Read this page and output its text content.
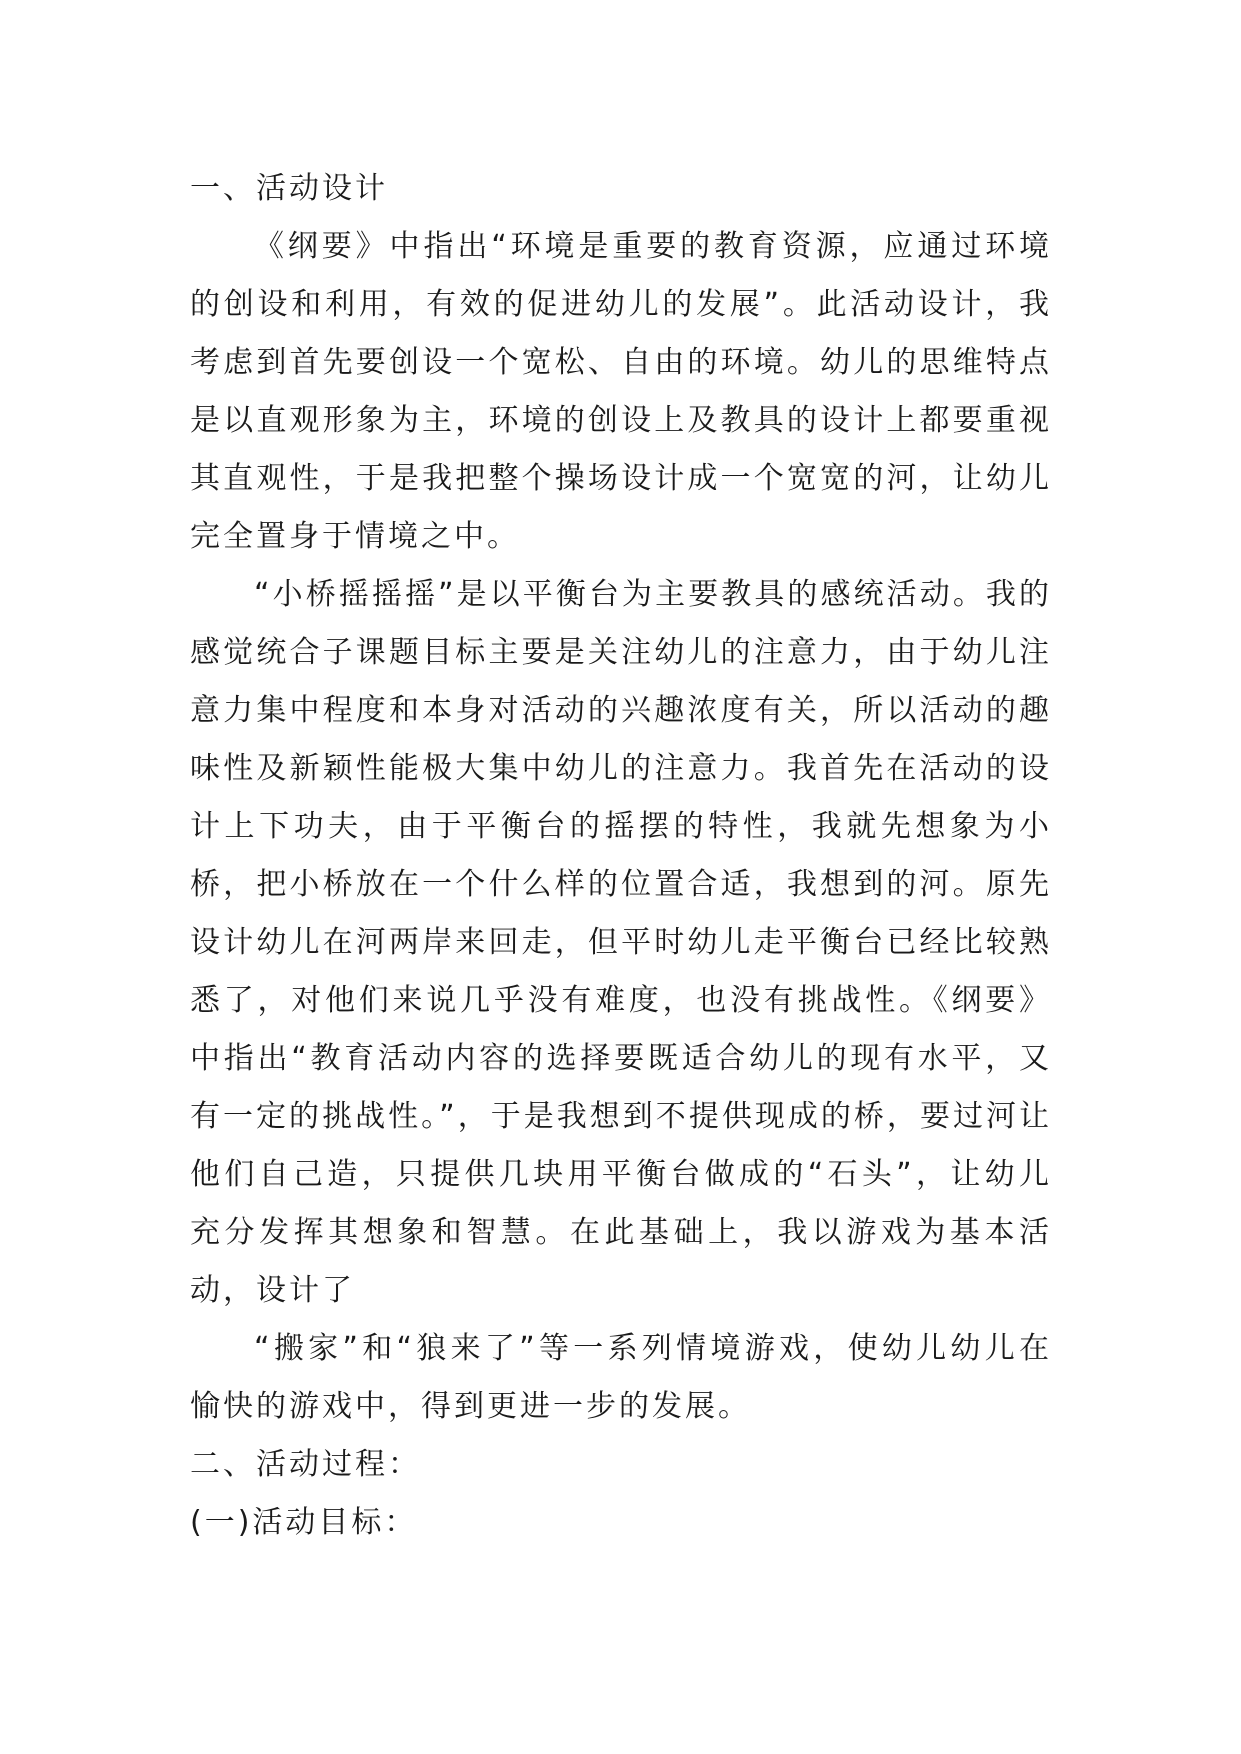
一、活动设计

《纲要》中指出“环境是重要的教育资源，应通过环境的创设和利用，有效的促进幼儿的发展”。此活动设计，我考虑到首先要创设一个宽松、自由的环境。幼儿的思维特点是以直观形象为主，环境的创设上及教具的设计上都要重视其直观性，于是我把整个操场设计成一个宽宽的河，让幼儿完全置身于情境之中。

“小桥摇摇摇”是以平衡台为主要教具的感统活动。我的感觉统合子课题目标主要是关注幼儿的注意力，由于幼儿注意力集中程度和本身对活动的兴趣浓度有关，所以活动的趣味性及新颖性能极大集中幼儿的注意力。我首先在活动的设计上下功夫，由于平衡台的摇摆的特性，我就先想象为小桥，把小桥放在一个什么样的位置合适，我想到的河。原先设计幼儿在河两岸来回走，但平时幼儿走平衡台已经比较熟悉了，对他们来说几乎没有难度，也没有挑战性。《纲要》中指出“教育活动内容的选择要既适合幼儿的现有水平，又有一定的挑战性。”，于是我想到不提供现成的桥，要过河让他们自己造，只提供几块用平衡台做成的“石头”，让幼儿充分发挥其想象和智慧。在此基础上，我以游戏为基本活动，设计了

“搬家”和“狼来了”等一系列情境游戏，使幼儿幼儿在愉快的游戏中，得到更进一步的发展。

二、活动过程：

(一)活动目标：
